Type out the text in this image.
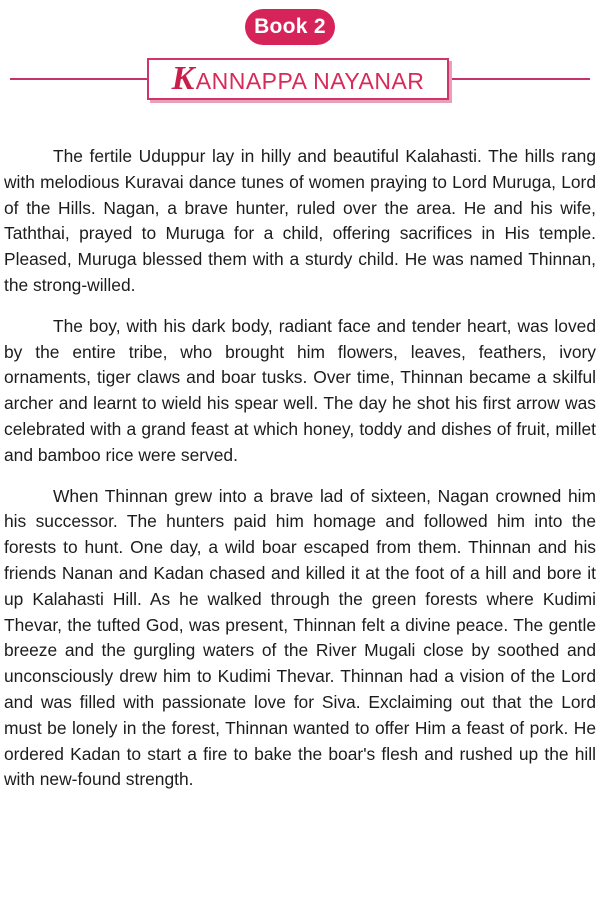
Book 2
KANNAPPA NAYANAR

The fertile Uduppur lay in hilly and beautiful Kalahasti. The hills rang with melodious Kuravai dance tunes of women praying to Lord Muruga, Lord of the Hills. Nagan, a brave hunter, ruled over the area. He and his wife, Taththai, prayed to Muruga for a child, offering sacrifices in His temple. Pleased, Muruga blessed them with a sturdy child. He was named Thinnan, the strong-willed.

The boy, with his dark body, radiant face and tender heart, was loved by the entire tribe, who brought him flowers, leaves, feathers, ivory ornaments, tiger claws and boar tusks. Over time, Thinnan became a skilful archer and learnt to wield his spear well. The day he shot his first arrow was celebrated with a grand feast at which honey, toddy and dishes of fruit, millet and bamboo rice were served.

When Thinnan grew into a brave lad of sixteen, Nagan crowned him his successor. The hunters paid him homage and followed him into the forests to hunt. One day, a wild boar escaped from them. Thinnan and his friends Nanan and Kadan chased and killed it at the foot of a hill and bore it up Kalahasti Hill. As he walked through the green forests where Kudimi Thevar, the tufted God, was present, Thinnan felt a divine peace. The gentle breeze and the gurgling waters of the River Mugali close by soothed and unconsciously drew him to Kudimi Thevar. Thinnan had a vision of the Lord and was filled with passionate love for Siva. Exclaiming out that the Lord must be lonely in the forest, Thinnan wanted to offer Him a feast of pork. He ordered Kadan to start a fire to bake the boar's flesh and rushed up the hill with new-found strength.
